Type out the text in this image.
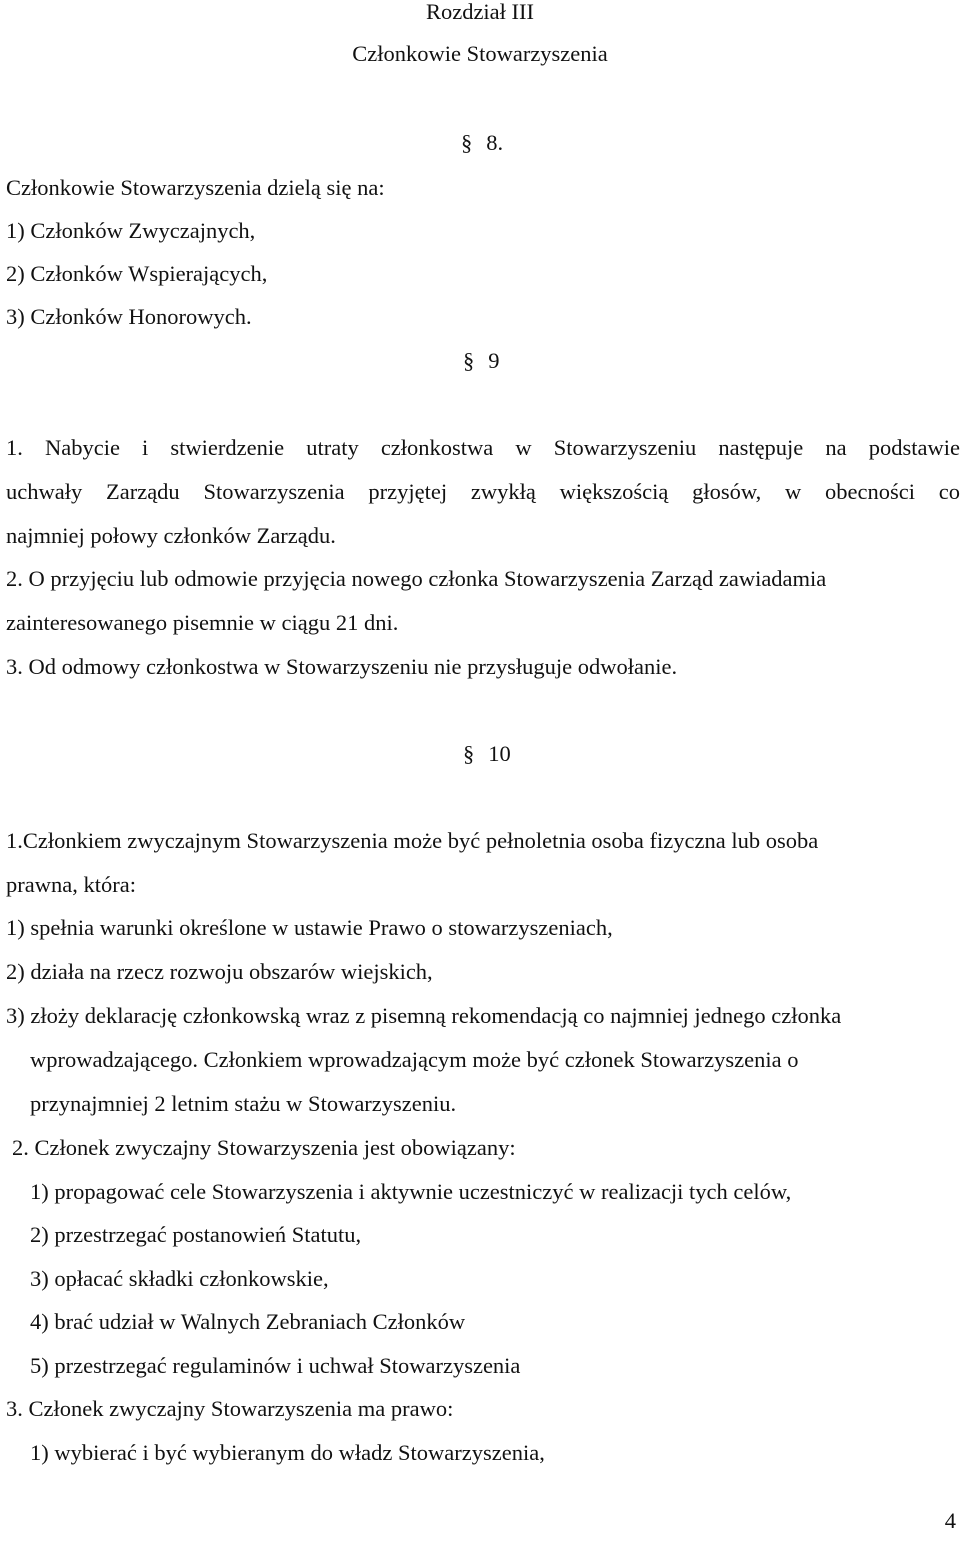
Rozdział III
Członkowie Stowarzyszenia
§ 8.
Członkowie Stowarzyszenia dzielą się na:
1) Członków Zwyczajnych,
2) Członków Wspierających,
3) Członków Honorowych.
§ 9
1. Nabycie i stwierdzenie utraty członkostwa w Stowarzyszeniu następuje na podstawie
uchwały Zarządu Stowarzyszenia przyjętej zwykłą większością głosów, w obecności co
najmniej połowy członków Zarządu.
2. O przyjęciu lub odmowie przyjęcia nowego członka Stowarzyszenia Zarząd zawiadamia
zainteresowanego pisemnie w ciągu 21 dni.
3. Od odmowy członkostwa w Stowarzyszeniu nie przysługuje odwołanie.
§ 10
1.Członkiem zwyczajnym Stowarzyszenia może być pełnoletnia osoba fizyczna lub osoba
prawna, która:
1) spełnia warunki określone w ustawie Prawo o stowarzyszeniach,
2) działa na rzecz rozwoju obszarów wiejskich,
3) złoży deklarację członkowską wraz z pisemną rekomendacją co najmniej jednego członka
wprowadzającego. Członkiem wprowadzającym może być członek Stowarzyszenia o
przynajmniej 2 letnim stażu w Stowarzyszeniu.
2. Członek zwyczajny Stowarzyszenia jest obowiązany:
1) propagować cele Stowarzyszenia i aktywnie uczestniczyć w realizacji tych celów,
2) przestrzegać postanowień Statutu,
3) opłacać składki członkowskie,
4) brać udział w Walnych Zebraniach Członków
5) przestrzegać regulaminów i uchwał Stowarzyszenia
3. Członek zwyczajny Stowarzyszenia ma prawo:
1) wybierać i być wybieranym do władz Stowarzyszenia,
4
